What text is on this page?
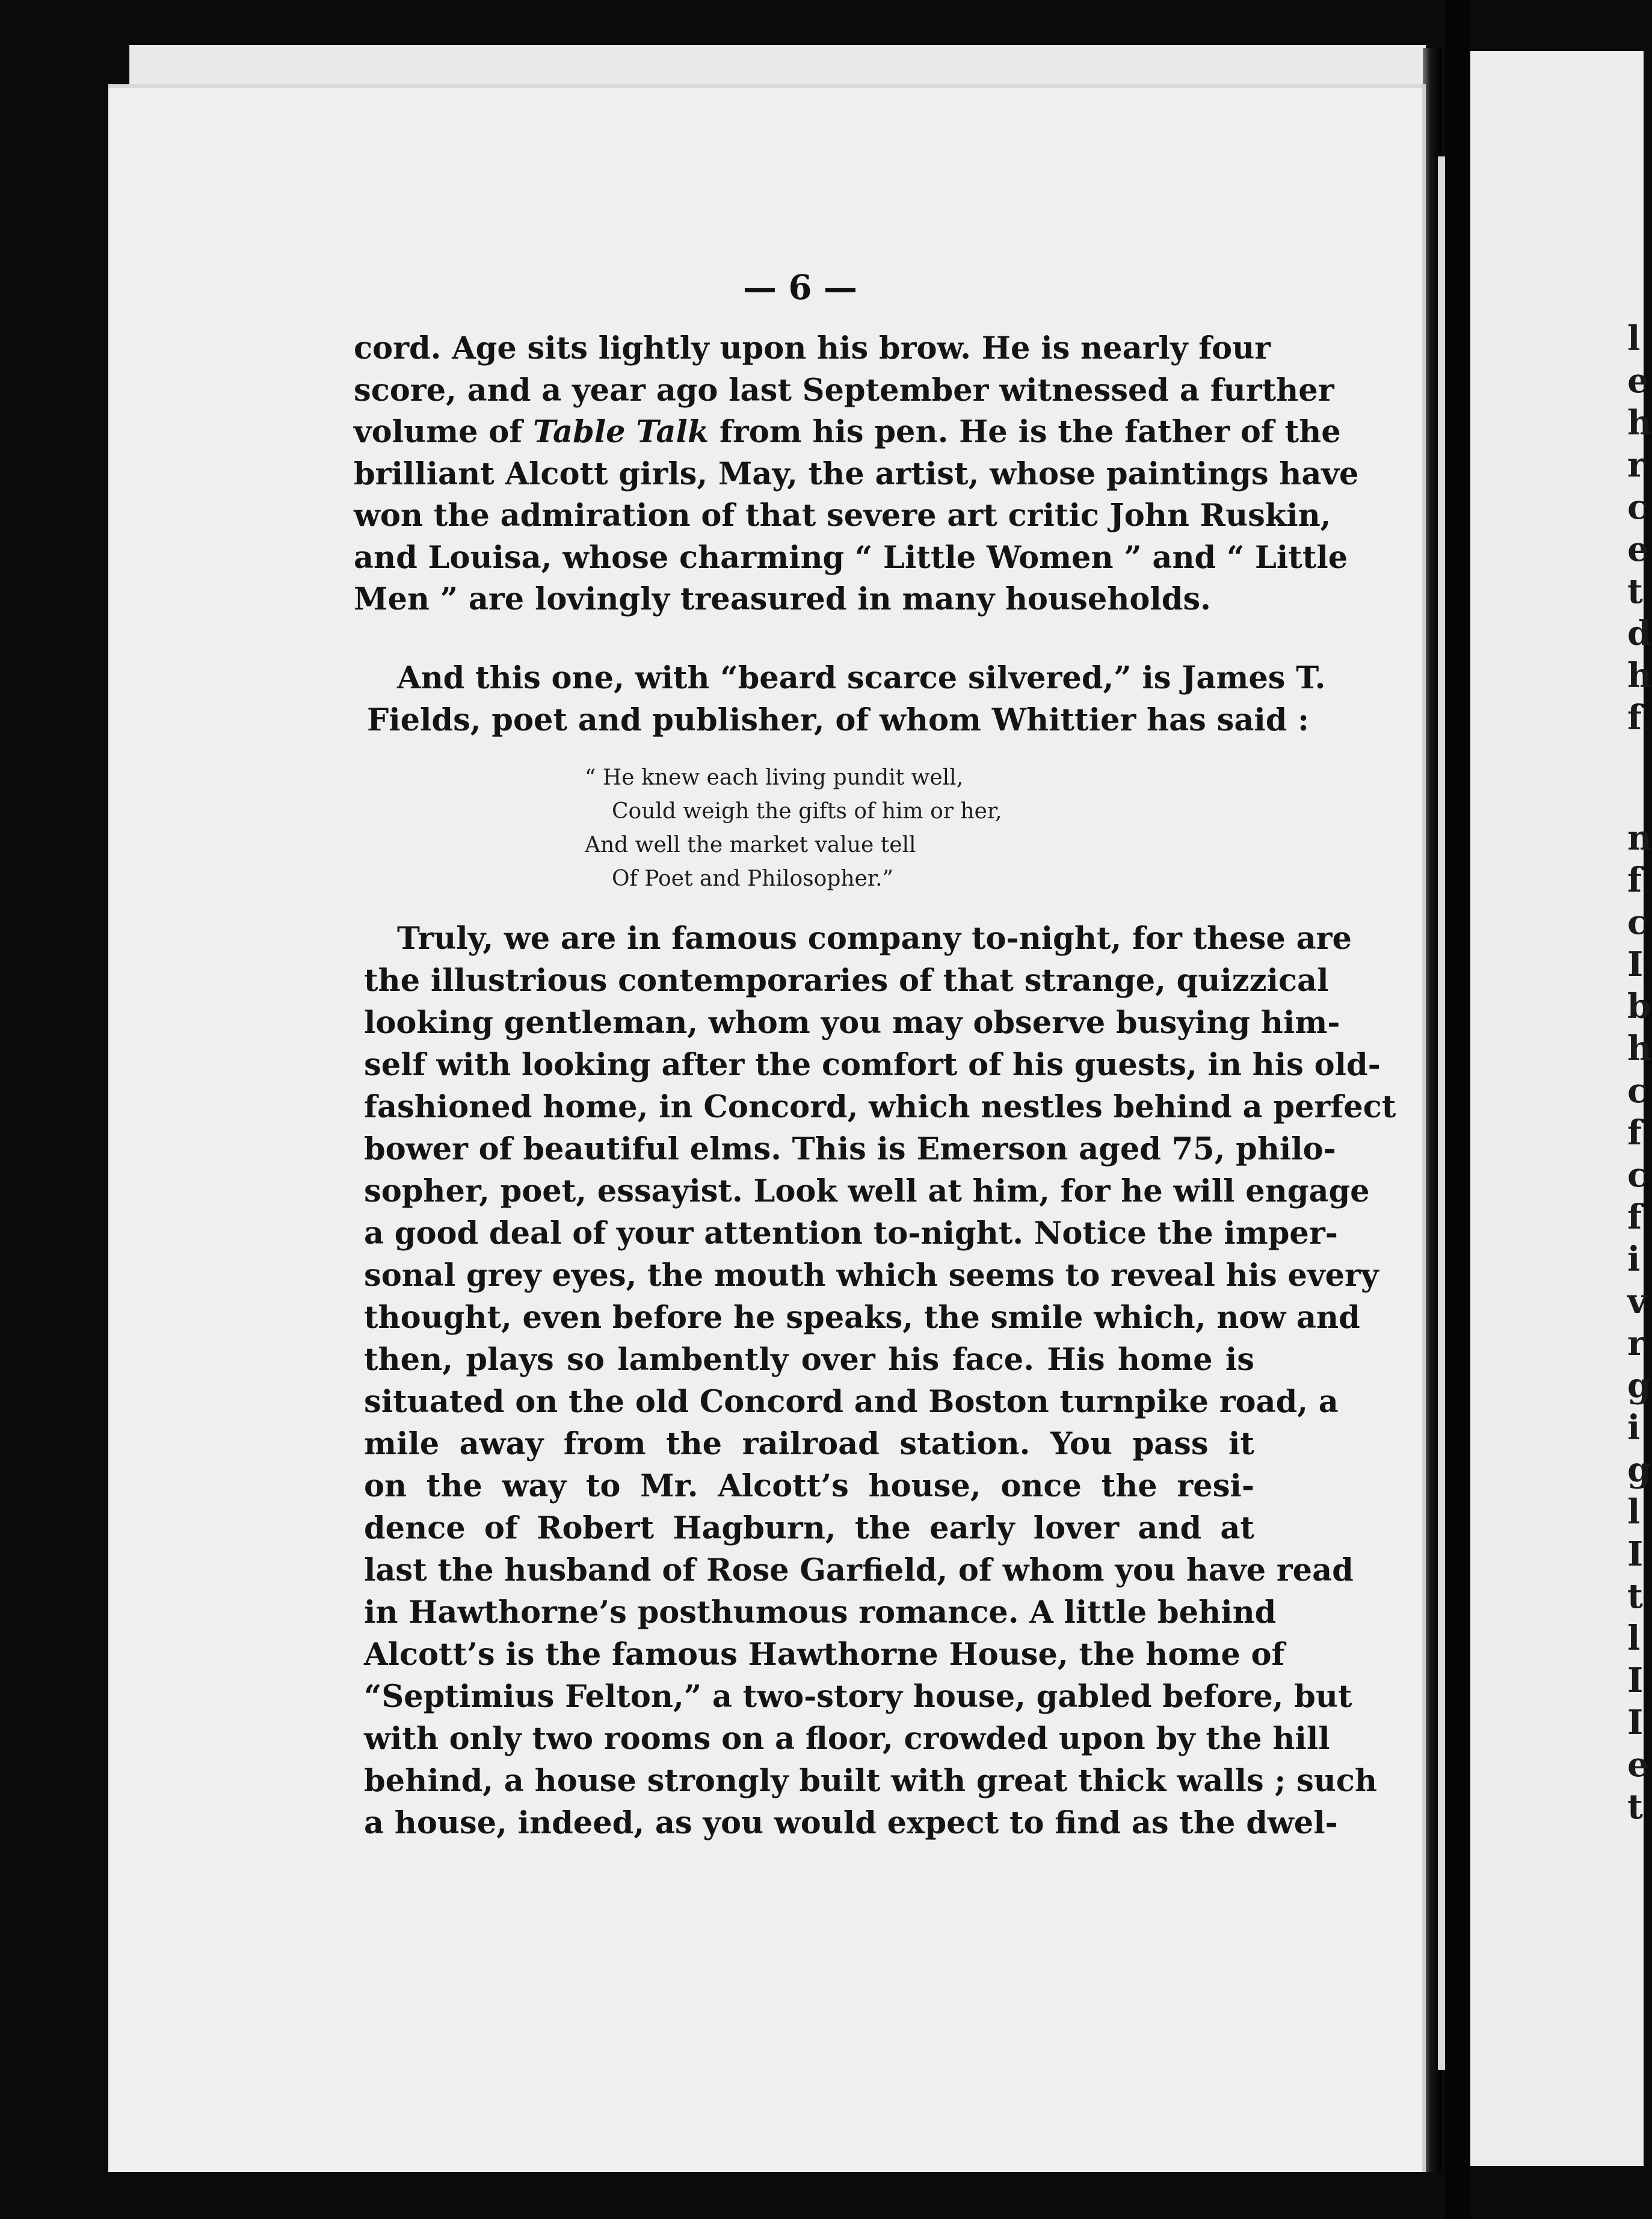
l
e
h
r
c
e
t
d
h
f
n
f
c
I
b
h
c
f
c
f
i
v
r
g
i
g
l
I
t
l
I
I
e
t
— 6 —
cord. Age sits lightly upon his brow. He is nearly four
score, and a year ago last September witnessed a further
volume of Table Talk from his pen. He is the father of the
brilliant Alcott girls, May, the artist, whose paintings have
won the admiration of that severe art critic John Ruskin,
and Louisa, whose charming “ Little Women ” and “ Little
Men ” are lovingly treasured in many households.
And this one, with “beard scarce silvered,” is James T.
Fields, poet and publisher, of whom Whittier has said :
“ He knew each living pundit well,
Could weigh the gifts of him or her,
And well the market value tell
Of Poet and Philosopher.”
Truly, we are in famous company to-night, for these are
the illustrious contemporaries of that strange, quizzical
looking gentleman, whom you may observe busying him-
self with looking after the comfort of his guests, in his old-
fashioned home, in Concord, which nestles behind a perfect
bower of beautiful elms. This is Emerson aged 75, philo-
sopher, poet, essayist. Look well at him, for he will engage
a good deal of your attention to-night. Notice the imper-
sonal grey eyes, the mouth which seems to reveal his every
thought, even before he speaks, the smile which, now and
then, plays so lambently over his face. His home is
situated on the old Concord and Boston turnpike road, a
mile away from the railroad station. You pass it
on the way to Mr. Alcott’s house, once the resi-
dence of Robert Hagburn, the early lover and at
last the husband of Rose Garfield, of whom you have read
in Hawthorne’s posthumous romance. A little behind
Alcott’s is the famous Hawthorne House, the home of
“Septimius Felton,” a two-story house, gabled before, but
with only two rooms on a floor, crowded upon by the hill
behind, a house strongly built with great thick walls ; such
a house, indeed, as you would expect to find as the dwel-
